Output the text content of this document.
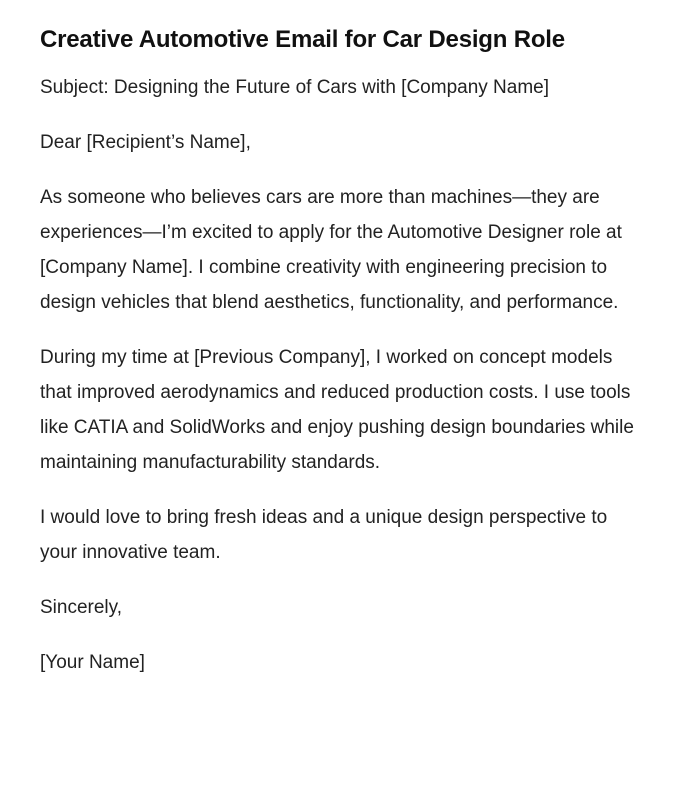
Creative Automotive Email for Car Design Role

Subject: Designing the Future of Cars with [Company Name]

Dear [Recipient’s Name],

As someone who believes cars are more than machines—they are experiences—I’m excited to apply for the Automotive Designer role at [Company Name]. I combine creativity with engineering precision to design vehicles that blend aesthetics, functionality, and performance.

During my time at [Previous Company], I worked on concept models that improved aerodynamics and reduced production costs. I use tools like CATIA and SolidWorks and enjoy pushing design boundaries while maintaining manufacturability standards.

I would love to bring fresh ideas and a unique design perspective to your innovative team.

Sincerely,

[Your Name]
